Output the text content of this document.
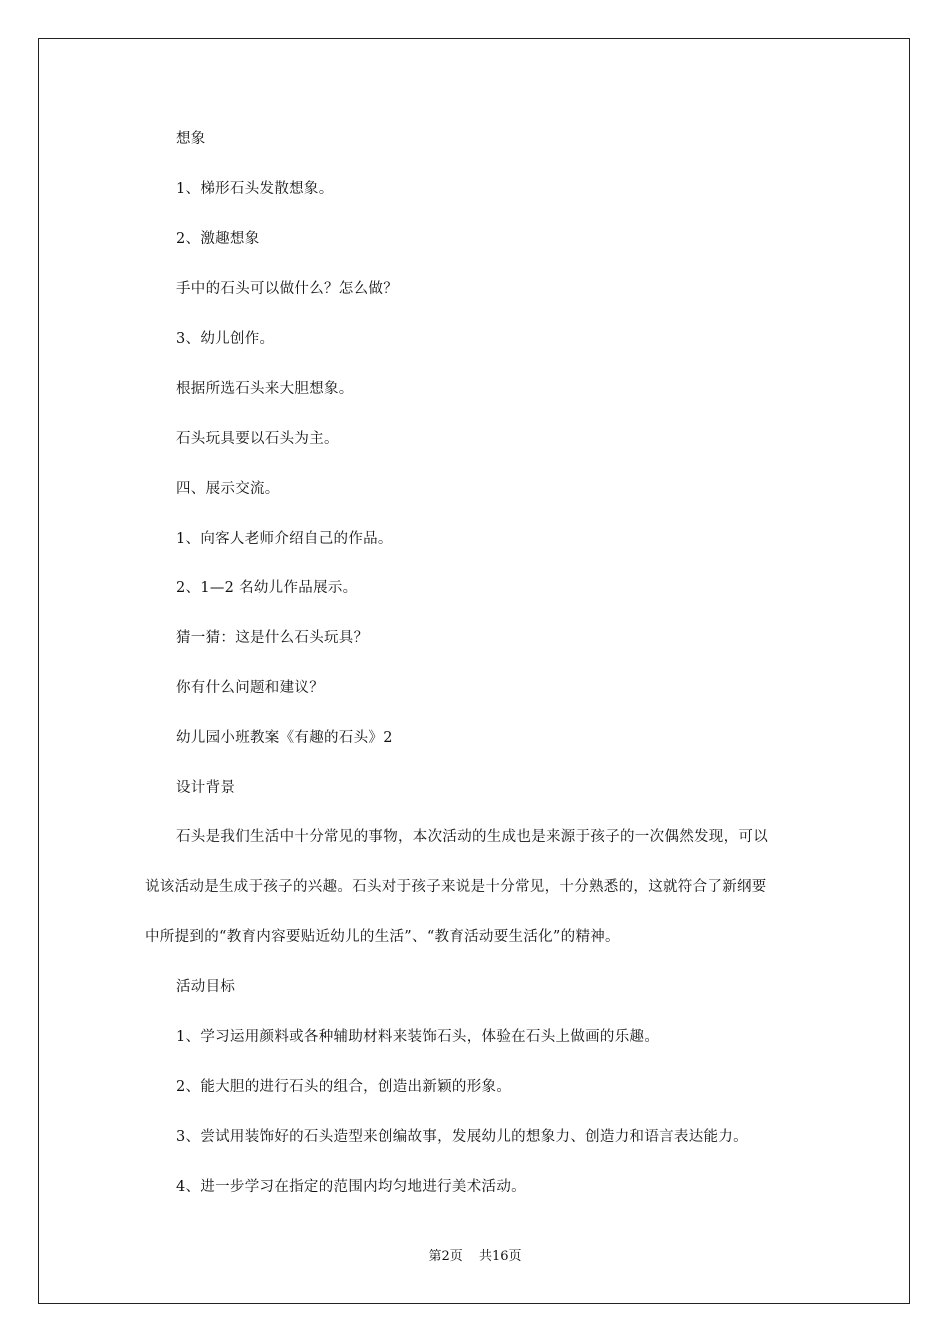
想象
1、梯形石头发散想象。
2、激趣想象
手中的石头可以做什么？怎么做？
3、幼儿创作。
根据所选石头来大胆想象。
石头玩具要以石头为主。
四、展示交流。
1、向客人老师介绍自己的作品。
2、1—2 名幼儿作品展示。
猜一猜：这是什么石头玩具？
你有什么问题和建议？
幼儿园小班教案《有趣的石头》2
设计背景
石头是我们生活中十分常见的事物，本次活动的生成也是来源于孩子的一次偶然发现，可以
说该活动是生成于孩子的兴趣。石头对于孩子来说是十分常见，十分熟悉的，这就符合了新纲要
中所提到的“教育内容要贴近幼儿的生活”、“教育活动要生活化”的精神。
活动目标
1、学习运用颜料或各种辅助材料来装饰石头，体验在石头上做画的乐趣。
2、能大胆的进行石头的组合，创造出新颖的形象。
3、尝试用装饰好的石头造型来创编故事，发展幼儿的想象力、创造力和语言表达能力。
4、进一步学习在指定的范围内均匀地进行美术活动。
第2页 共16页
